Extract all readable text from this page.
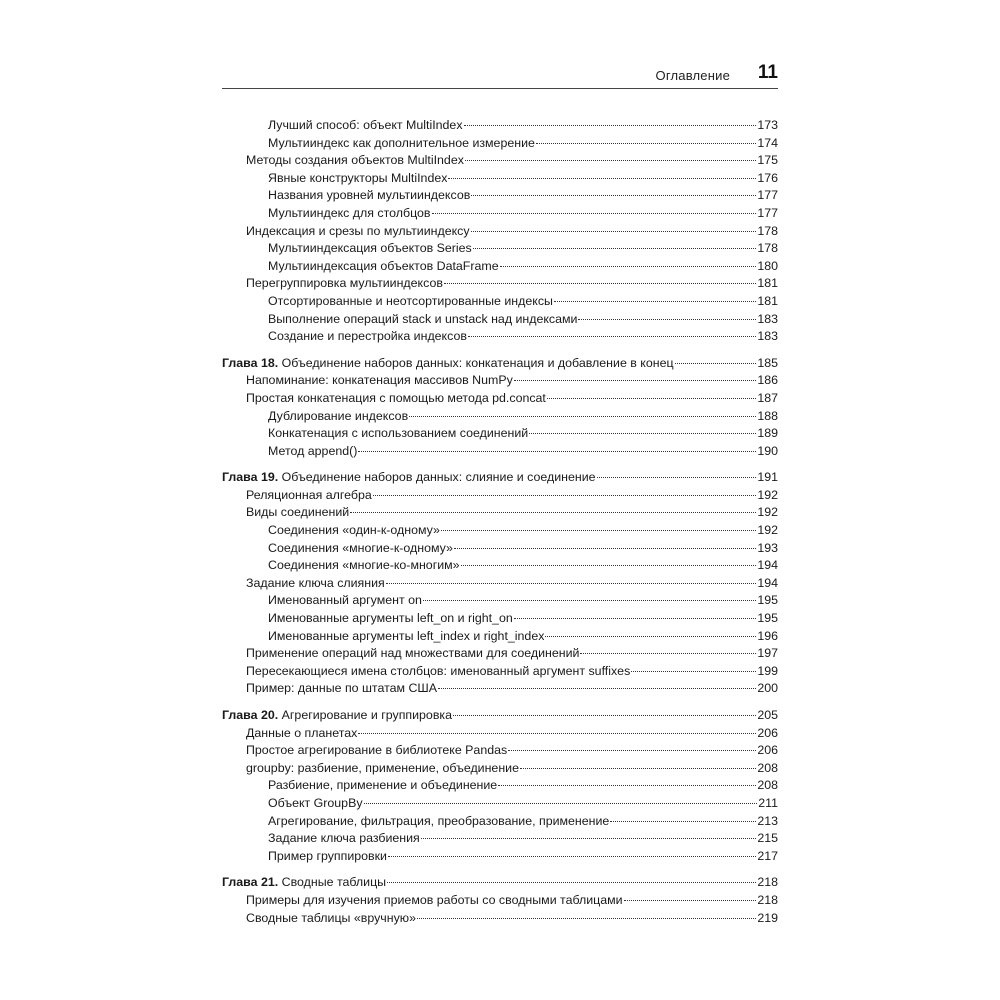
Оглавление 11
Лучший способ: объект MultiIndex	173
Мультииндекс как дополнительное измерение	174
Методы создания объектов MultiIndex	175
Явные конструкторы MultiIndex	176
Названия уровней мультииндексов	177
Мультииндекс для столбцов	177
Индексация и срезы по мультииндексу	178
Мультииндексация объектов Series	178
Мультииндексация объектов DataFrame	180
Перегруппировка мультииндексов	181
Отсортированные и неотсортированные индексы	181
Выполнение операций stack и unstack над индексами	183
Создание и перестройка индексов	183
Глава 18. Объединение наборов данных: конкатенация и добавление в конец	185
Напоминание: конкатенация массивов NumPy	186
Простая конкатенация с помощью метода pd.concat	187
Дублирование индексов	188
Конкатенация с использованием соединений	189
Метод append()	190
Глава 19. Объединение наборов данных: слияние и соединение	191
Реляционная алгебра	192
Виды соединений	192
Соединения «один-к-одному»	192
Соединения «многие-к-одному»	193
Соединения «многие-ко-многим»	194
Задание ключа слияния	194
Именованный аргумент on	195
Именованные аргументы left_on и right_on	195
Именованные аргументы left_index и right_index	196
Применение операций над множествами для соединений	197
Пересекающиеся имена столбцов: именованный аргумент suffixes	199
Пример: данные по штатам США	200
Глава 20. Агрегирование и группировка	205
Данные о планетах	206
Простое агрегирование в библиотеке Pandas	206
groupby: разбиение, применение, объединение	208
Разбиение, применение и объединение	208
Объект GroupBy	211
Агрегирование, фильтрация, преобразование, применение	213
Задание ключа разбиения	215
Пример группировки	217
Глава 21. Сводные таблицы	218
Примеры для изучения приемов работы со сводными таблицами	218
Сводные таблицы «вручную»	219
